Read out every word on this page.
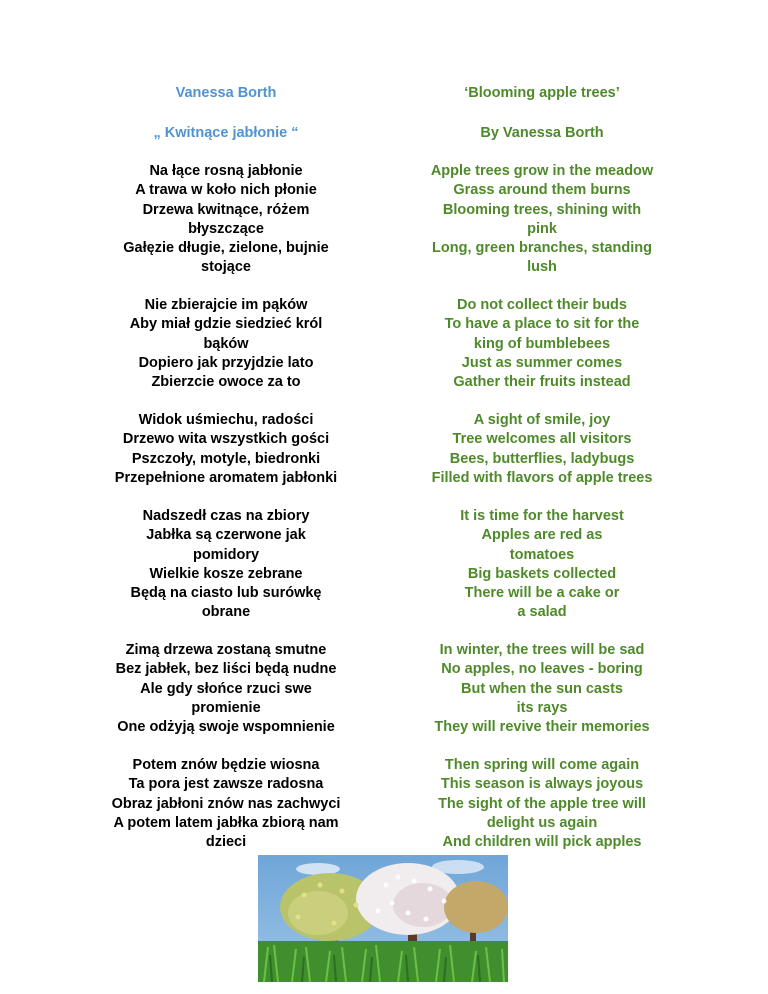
Vanessa Borth
„ Kwitnące jabłonie “
Na łące rosną jabłonie
A trawa w koło nich płonie
Drzewa kwitnące, różem
błyszczące
Gałęzie długie, zielone, bujnie
stojące
Nie zbierajcie im pąków
Aby miał gdzie siedzieć król
bąków
Dopiero jak przyjdzie lato
Zbierzcie owoce za to
Widok uśmiechu, radości
Drzewo wita wszystkich gości
Pszczoły, motyle, biedronki
Przepełnione aromatem jabłonki
Nadszedł czas na zbiory
Jabłka są czerwone jak
pomidory
Wielkie kosze zebrane
Będą na ciasto lub surówkę
obrane
Zimą drzewa zostaną smutne
Bez jabłek, bez liści będą nudne
Ale gdy słońce rzuci swe
promienie
One odżyją swoje wspomnienie
Potem znów będzie wiosna
Ta pora jest zawsze radosna
Obraz jabłoni znów nas zachwyci
A potem latem jabłka zbiorą nam
dzieci
‘Blooming apple trees’
By Vanessa Borth
Apple trees grow in the meadow
Grass around them burns
Blooming trees, shining with
pink
Long, green branches, standing
lush
Do not collect their buds
To have a place to sit for the
king of bumblebees
Just as summer comes
Gather their fruits instead
A sight of smile, joy
Tree welcomes all visitors
Bees, butterflies, ladybugs
Filled with flavors of apple trees
It is time for the harvest
Apples are red as
tomatoes
Big baskets collected
There will be a cake or
a salad
In winter, the trees will be sad
No apples, no leaves - boring
But when the sun casts
its rays
They will revive their memories
Then spring will come again
This season is always joyous
The sight of the apple tree will
delight us again
And children will pick apples
